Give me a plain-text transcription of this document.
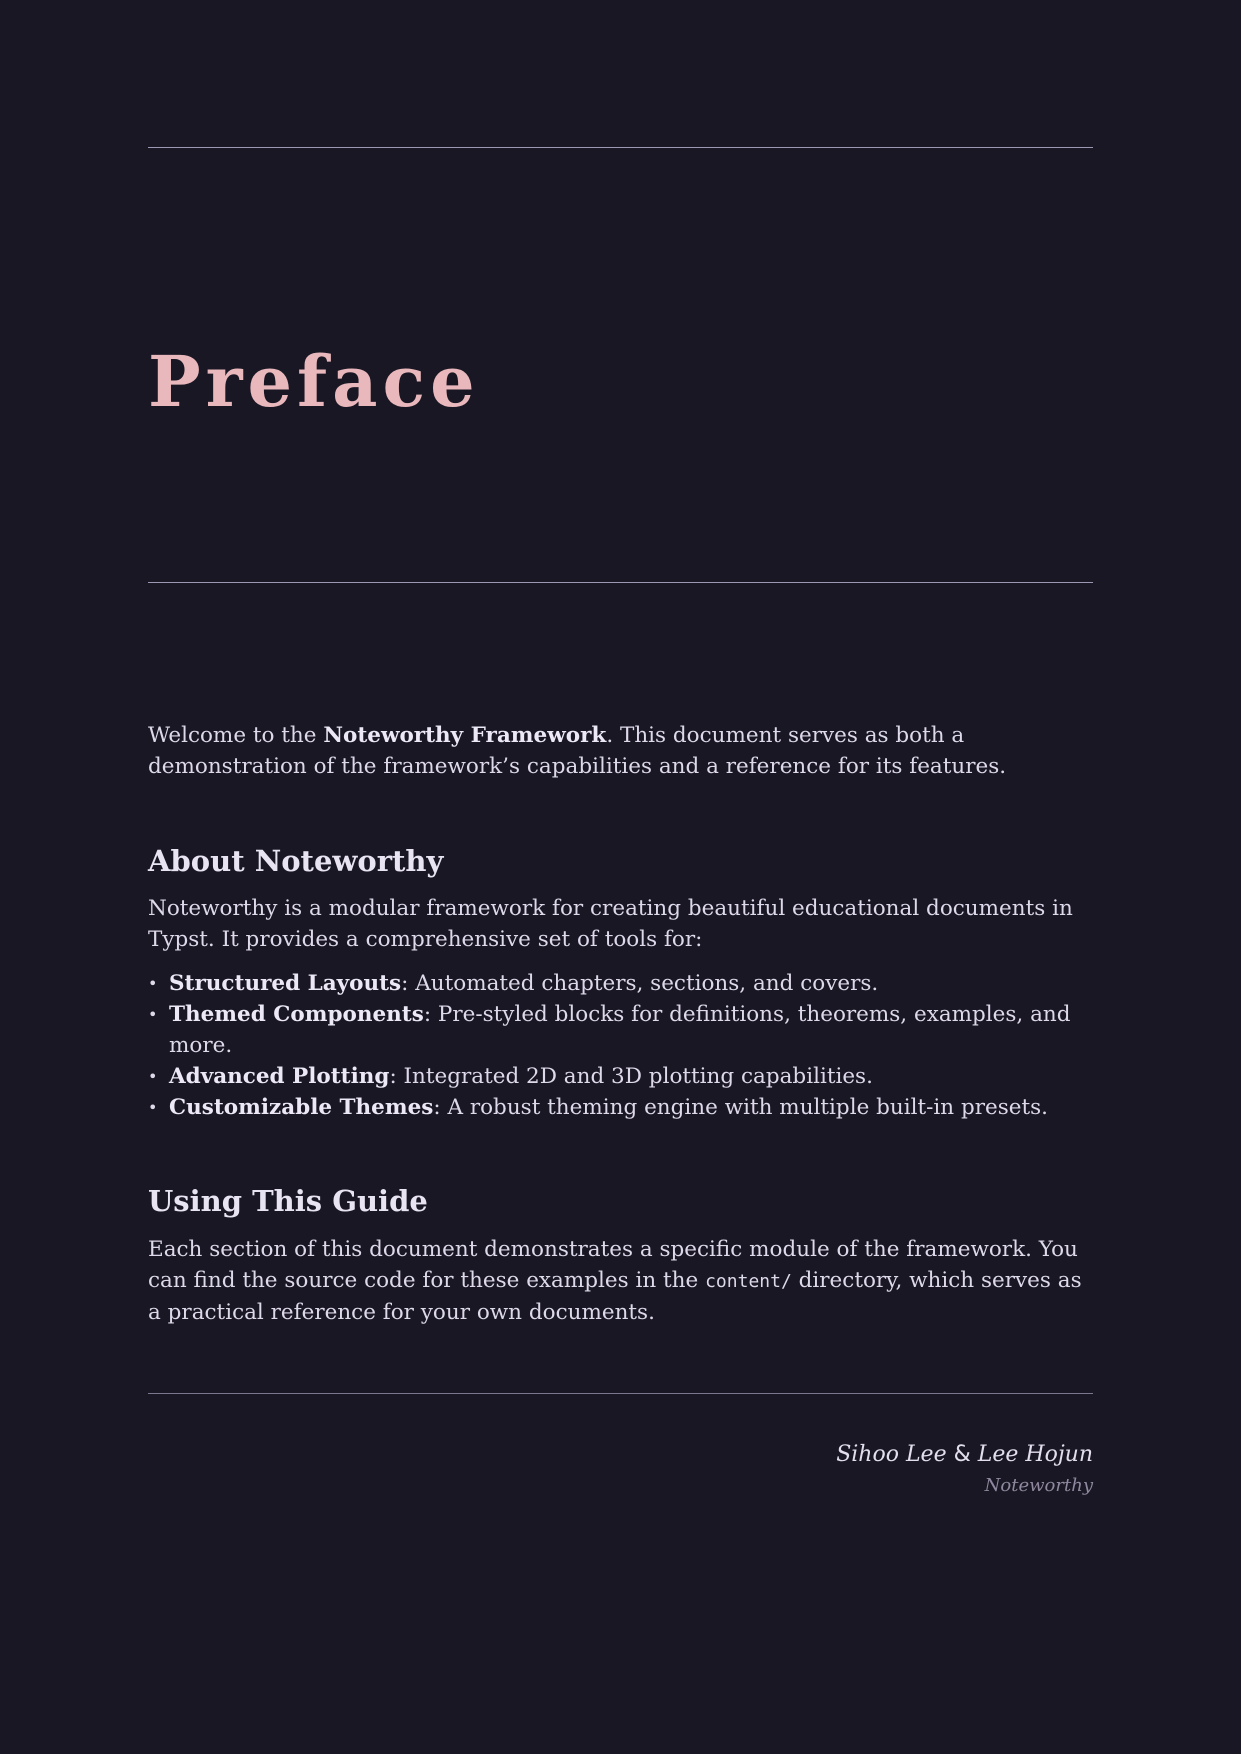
Preface

Welcome to the Noteworthy Framework. This document serves as both a demonstration of the framework’s capabilities and a reference for its features.

About Noteworthy

Noteworthy is a modular framework for creating beautiful educational documents in Typst. It provides a comprehensive set of tools for:

• Structured Layouts: Automated chapters, sections, and covers.
• Themed Components: Pre-styled blocks for definitions, theorems, examples, and more.
• Advanced Plotting: Integrated 2D and 3D plotting capabilities.
• Customizable Themes: A robust theming engine with multiple built-in presets.
Using This Guide

Each section of this document demonstrates a specific module of the framework. You can find the source code for these examples in the content/ directory, which serves as a practical reference for your own documents.

Sihoo Lee & Lee Hojun
Noteworthy
